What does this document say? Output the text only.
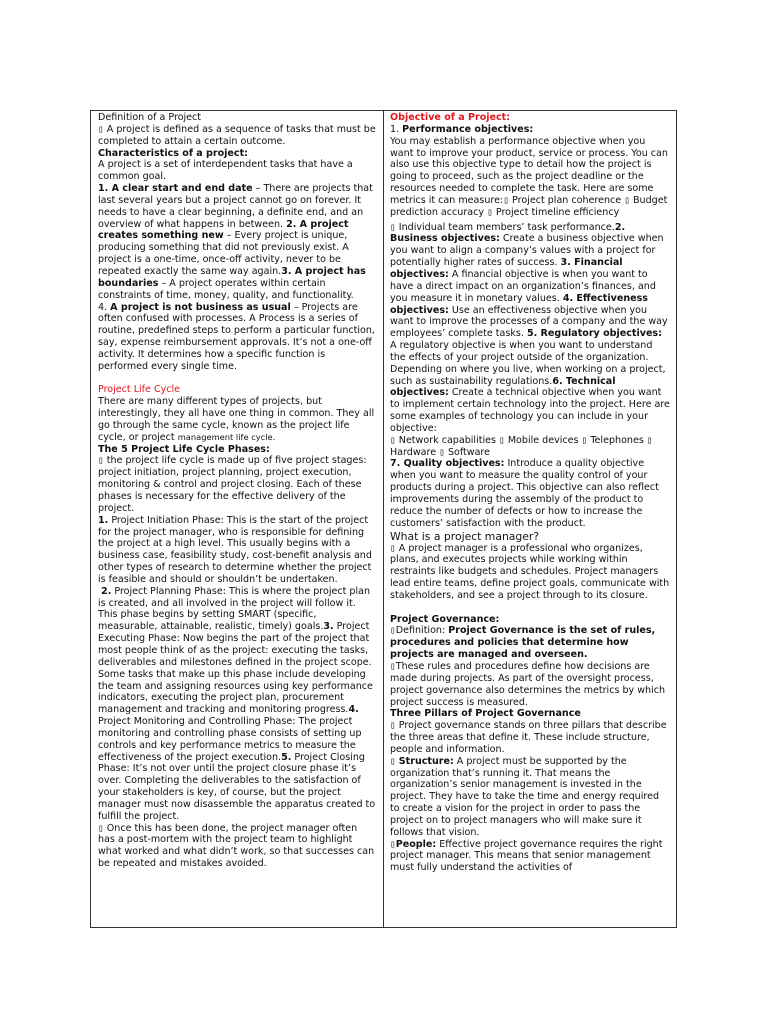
Definition of a Project

▯ A project is defined as a sequence of tasks that must be completed to attain a certain outcome.

Characteristics of a project:

A project is a set of interdependent tasks that have a common goal.

1. A clear start and end date – There are projects that last several years but a project cannot go on forever. It needs to have a clear beginning, a definite end, and an overview of what happens in between. 2. A project creates something new – Every project is unique, producing something that did not previously exist. A project is a one-time, once-off activity, never to be repeated exactly the same way again.3. A project has boundaries – A project operates within certain constraints of time, money, quality, and functionality.

4. A project is not business as usual – Projects are often confused with processes. A Process is a series of routine, predefined steps to perform a particular function, say, expense reimbursement approvals. It’s not a one-off activity. It determines how a specific function is performed every single time.

Project Life Cycle

There are many different types of projects, but interestingly, they all have one thing in common. They all go through the same cycle, known as the project life cycle, or project management life cycle.

The 5 Project Life Cycle Phases:

▯ the project life cycle is made up of five project stages: project initiation, project planning, project execution, monitoring & control and project closing. Each of these phases is necessary for the effective delivery of the project.

1. Project Initiation Phase: This is the start of the project for the project manager, who is responsible for defining the project at a high level. This usually begins with a business case, feasibility study, cost-benefit analysis and other types of research to determine whether the project is feasible and should or shouldn’t be undertaken.

2. Project Planning Phase: This is where the project plan is created, and all involved in the project will follow it. This phase begins by setting SMART (specific, measurable, attainable, realistic, timely) goals.3. Project Executing Phase: Now begins the part of the project that most people think of as the project: executing the tasks, deliverables and milestones defined in the project scope. Some tasks that make up this phase include developing the team and assigning resources using key performance indicators, executing the project plan, procurement management and tracking and monitoring progress.4. Project Monitoring and Controlling Phase: The project monitoring and controlling phase consists of setting up controls and key performance metrics to measure the effectiveness of the project execution.5. Project Closing Phase: It’s not over until the project closure phase it’s over. Completing the deliverables to the satisfaction of your stakeholders is key, of course, but the project manager must now disassemble the apparatus created to fulfill the project.

▯ Once this has been done, the project manager often has a post-mortem with the project team to highlight what worked and what didn’t work, so that successes can be repeated and mistakes avoided.

Objective of a Project:

1. Performance objectives:

You may establish a performance objective when you want to improve your product, service or process. You can also use this objective type to detail how the project is going to proceed, such as the project deadline or the resources needed to complete the task. Here are some metrics it can measure:▯ Project plan coherence ▯ Budget prediction accuracy ▯ Project timeline efficiency

▯ Individual team members’ task performance.2. Business objectives: Create a business objective when you want to align a company’s values with a project for potentially higher rates of success. 3. Financial objectives: A financial objective is when you want to have a direct impact on an organization’s finances, and you measure it in monetary values. 4. Effectiveness objectives: Use an effectiveness objective when you want to improve the processes of a company and the way employees’ complete tasks. 5. Regulatory objectives: A regulatory objective is when you want to understand the effects of your project outside of the organization. Depending on where you live, when working on a project, such as sustainability regulations.6. Technical objectives: Create a technical objective when you want to implement certain technology into the project. Here are some examples of technology you can include in your objective:

▯ Network capabilities ▯ Mobile devices ▯ Telephones ▯ Hardware ▯ Software

7. Quality objectives: Introduce a quality objective when you want to measure the quality control of your products during a project. This objective can also reflect improvements during the assembly of the product to reduce the number of defects or how to increase the customers’ satisfaction with the product.

What is a project manager?

▯ A project manager is a professional who organizes, plans, and executes projects while working within restraints like budgets and schedules. Project managers lead entire teams, define project goals, communicate with stakeholders, and see a project through to its closure.

Project Governance:

▯Definition: Project Governance is the set of rules, procedures and policies that determine how projects are managed and overseen.

▯These rules and procedures define how decisions are made during projects. As part of the oversight process, project governance also determines the metrics by which project success is measured.

Three Pillars of Project Governance

▯ Project governance stands on three pillars that describe the three areas that define it. These include structure, people and information.

▯ Structure: A project must be supported by the organization that’s running it. That means the organization’s senior management is invested in the project. They have to take the time and energy required to create a vision for the project in order to pass the project on to project managers who will make sure it follows that vision.

▯People: Effective project governance requires the right project manager. This means that senior management must fully understand the activities of
